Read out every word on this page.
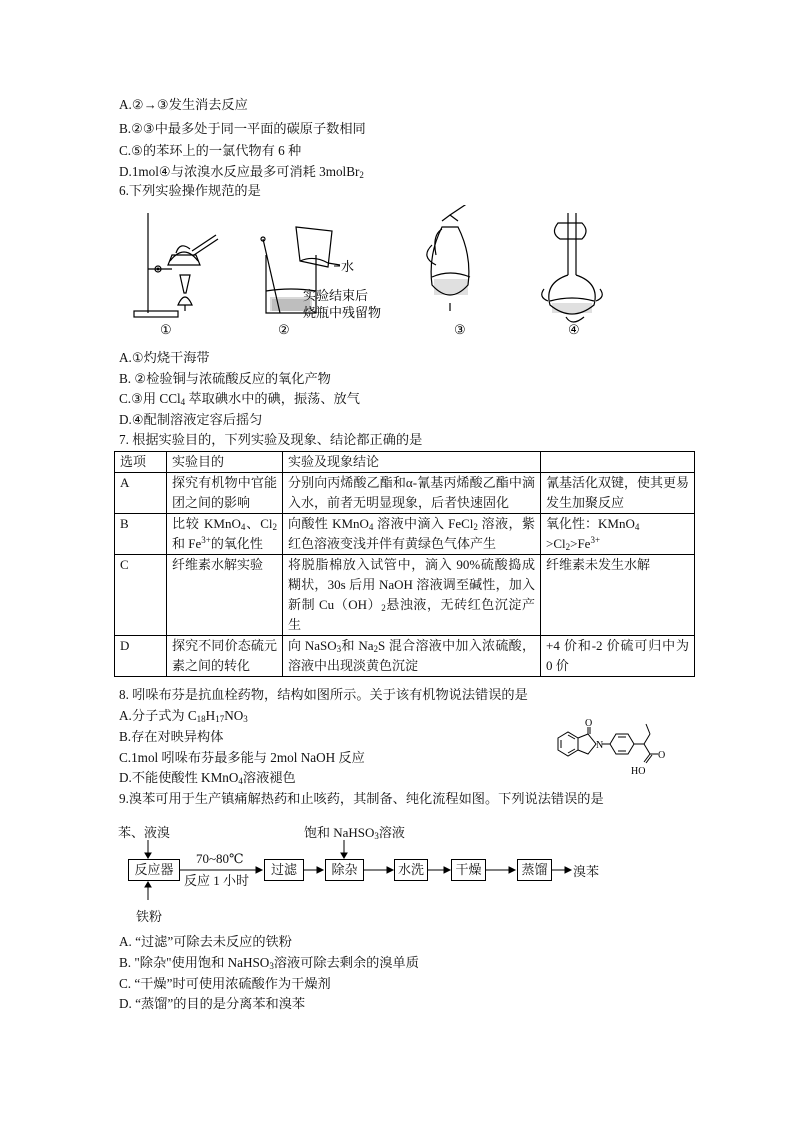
A.②→③发生消去反应
B.②③中最多处于同一平面的碳原子数相同
C.⑤的苯环上的一氯代物有 6 种
D.1mol④与浓溴水反应最多可消耗 3molBr$_2$
6.下列实验操作规范的是
水
实验结束后
烧瓶中残留物
①	②	③	④
A.①灼烧干海带
B. ②检验铜与浓硫酸反应的氧化产物
C.③用 CCl$_4$ 萃取碘水中的碘，振荡、放气
D.④配制溶液定容后摇匀
7. 根据实验目的，下列实验及现象、结论都正确的是
选项	实验目的	实验及现象结论	
A	探究有机物中官能团之间的影响	分别向丙烯酸乙酯和α-氰基丙烯酸乙酯中滴入水，前者无明显现象，后者快速固化	氰基活化双键，使其更易发生加聚反应
B	比较 KMnO$_4$、$Cl_2$和 $Fe^{3+}$的氧化性	向酸性 KMnO$_4$ 溶液中滴入 FeCl$_2$ 溶液，紫红色溶液变浅并伴有黄绿色气体产生	氧化性：KMnO$_4$
$>Cl_2>Fe^{3+}$
C	纤维素水解实验	将脱脂棉放入试管中，滴入 90%硫酸捣成糊状，30s 后用 NaOH 溶液调至碱性，加入新制 $Cu(OH)_2$悬浊液，无砖红色沉淀产生	纤维素未发生水解
D	探究不同价态硫元素之间的转化	向 NaSO$_3$和 $Na_2S$ 混合溶液中加入浓硫酸，溶液中出现淡黄色沉淀	+4 价和-2 价硫可归中为 0 价
8. 吲哚布芬是抗血栓药物，结构如图所示。关于该有机物说法错误的是
A.分子式为 $C_{18}H_{17}NO_3$
B.存在对映异构体
C.1mol 吲哚布芬最多能与 2mol NaOH 反应
D.不能使酸性 KMnO$_4$溶液褪色
O
N
HO
O
9.溴苯可用于生产镇痛解热药和止咳药，其制备、纯化流程如图。下列说法错误的是
苯、液溴
铁粉
饱和 NaHSO$_3$溶液
70~80℃
反应 1 小时
反应器	过滤	除杂	水洗	干燥	蒸馏	溴苯
A. “过滤”可除去未反应的铁粉
B. "除杂"使用饱和 NaHSO$_3$溶液可除去剩余的溴单质
C. “干燥”时可使用浓硫酸作为干燥剂
D. “蒸馏”的目的是分离苯和溴苯
